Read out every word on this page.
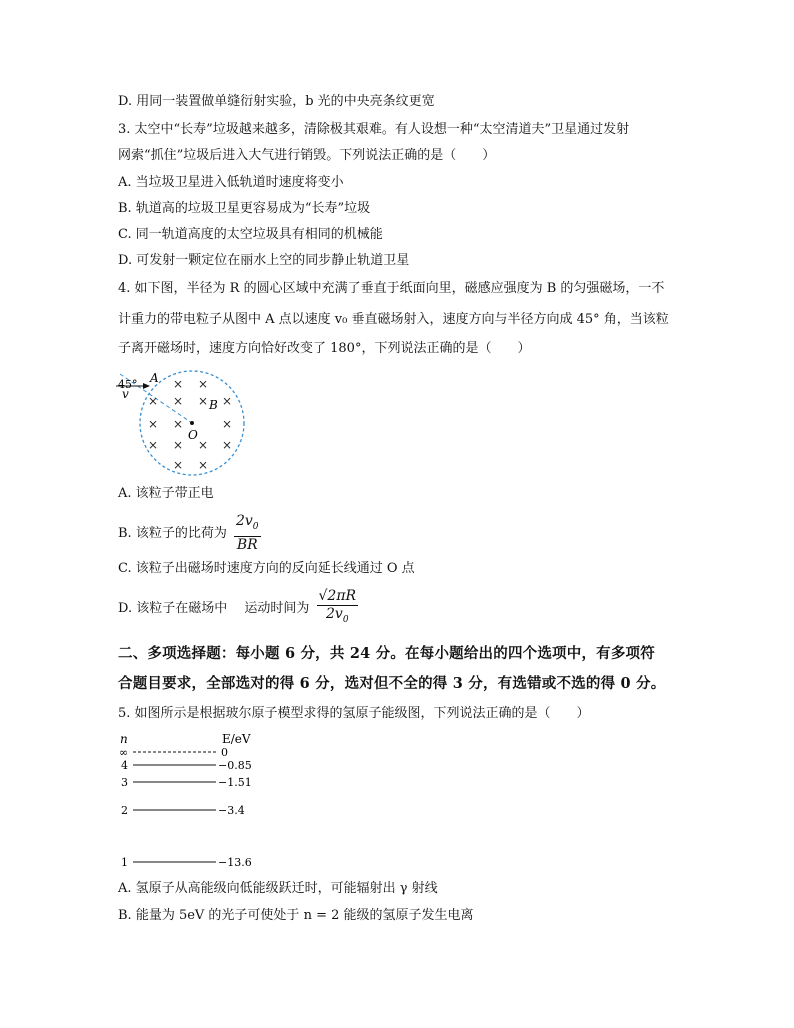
D. 用同一装置做单缝衍射实验，b 光的中央亮条纹更宽
3. 太空中“长寿”垃圾越来越多，清除极其艰难。有人设想一种“太空清道夫”卫星通过发射
网索“抓住”垃圾后进入大气进行销毁。下列说法正确的是（　　）
A. 当垃圾卫星进入低轨道时速度将变小
B. 轨道高的垃圾卫星更容易成为“长寿”垃圾
C. 同一轨道高度的太空垃圾具有相同的机械能
D. 可发射一颗定位在丽水上空的同步静止轨道卫星
4. 如下图，半径为 R 的圆心区域中充满了垂直于纸面向里，磁感应强度为 B 的匀强磁场，一不
计重力的带电粒子从图中 A 点以速度 v₀ 垂直磁场射入，速度方向与半径方向成 45° 角，当该粒
子离开磁场时，速度方向恰好改变了 180°，下列说法正确的是（　　）
45° A
v
B
O
× ×
× × × ×
× ×	×
× × × ×
× ×
A. 该粒子带正电
B. 该粒子的比荷为 $\frac{2v_0}{BR}$
C. 该粒子出磁场时速度方向的反向延长线通过 O 点
D. 该粒子在磁场中　 运动时间为 $\frac{√2\pi R}{2v_0}$
二、多项选择题：每小题 6 分，共 24 分。在每小题给出的四个选项中，有多项符
合题目要求，全部选对的得 6 分，选对但不全的得 3 分，有选错或不选的得 0 分。
5. 如图所示是根据玻尔原子模型求得的氢原子能级图，下列说法正确的是（　　）
n	E/eV
∞	0
4	−0.85
3	−1.51
2	−3.4
1	−13.6
A. 氢原子从高能级向低能级跃迁时，可能辐射出 γ 射线
B. 能量为 5eV 的光子可使处于 n = 2 能级的氢原子发生电离
